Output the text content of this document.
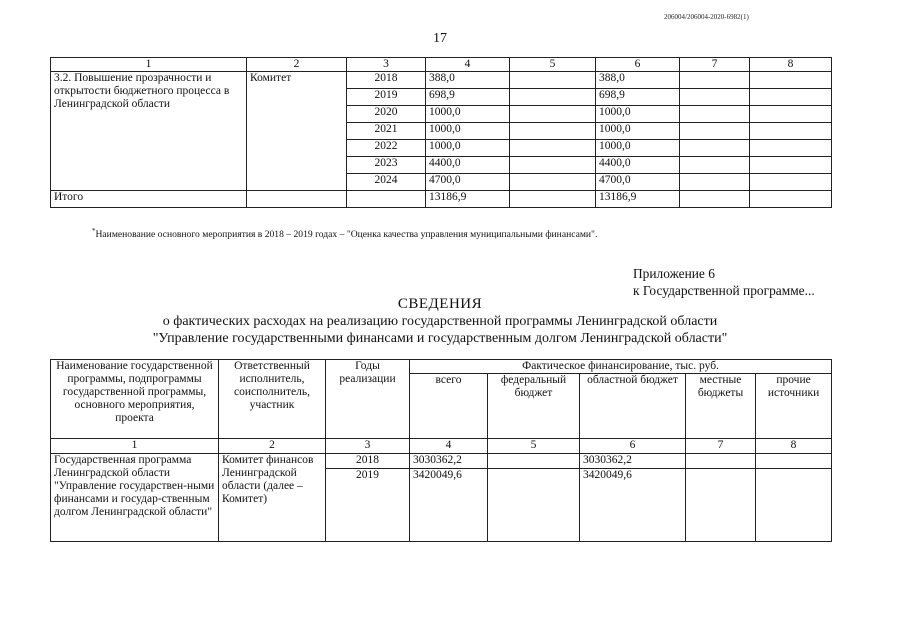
206004/206004-2020-6982(1)
17
1	2	3	4	5	6	7	8
3.2. Повышение прозрачности и открытости бюджетного процесса в Ленинградской области	Комитет	2018	388,0		388,0		
		2019	698,9		698,9		
		2020	1000,0		1000,0		
		2021	1000,0		1000,0		
		2022	1000,0		1000,0		
		2023	4400,0		4400,0		
		2024	4700,0		4700,0		
Итого			13186,9		13186,9		
*Наименование основного мероприятия в 2018 – 2019 годах – "Оценка качества управления муниципальными финансами".
Приложение 6
к Государственной программе...
СВЕДЕНИЯ
о фактических расходах на реализацию государственной программы Ленинградской области
"Управление государственными финансами и государственным долгом Ленинградской области"
Наименование государственной программы, подпрограммы государственной программы, основного мероприятия, проекта	Ответственный исполнитель, соисполнитель, участник	Годы реализации	Фактическое финансирование, тыс. руб.				
			всего	федеральный бюджет	областной бюджет	местные бюджеты	прочие источники
1	2	3	4	5	6	7	8
Государственная программа Ленинградской области "Управление государствен-ными финансами и государ-ственным долгом Ленинградской области"	Комитет финансов Ленинградской области (далее – Комитет)	2018	3030362,2		3030362,2		
		2019	3420049,6		3420049,6		
